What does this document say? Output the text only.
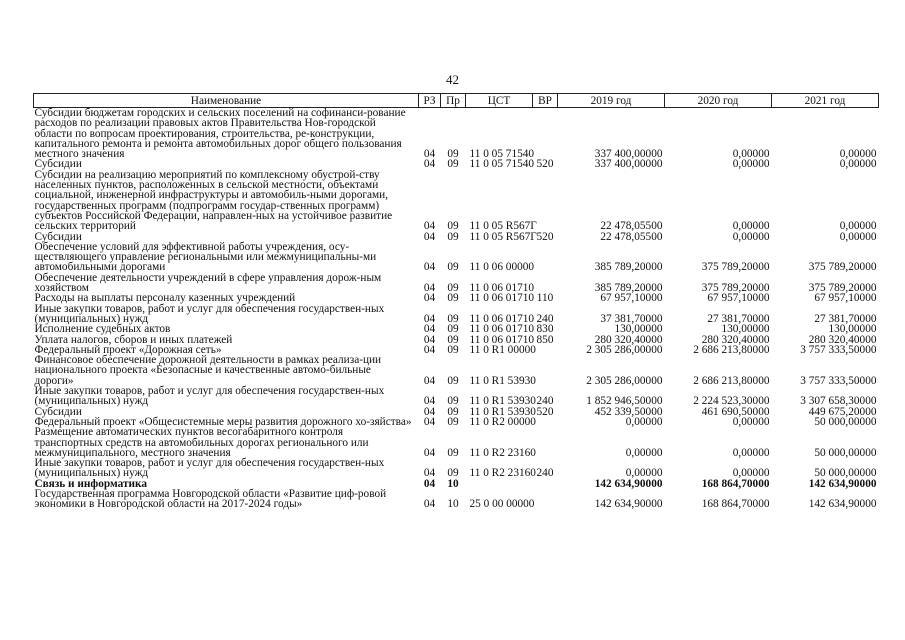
42
Наименование	РЗ	Пр	ЦСТ	ВР	2019 год	2020 год	2021 год
Субсидии бюджетам городских и сельских поселений на софинанси-рование расходов по реализации правовых актов Правительства Нов-городской области по вопросам проектирования, строительства, ре-конструкции, капитального ремонта и ремонта автомобильных дорог общего пользования местного значения	04	09	11 0 05 71540		337 400,00000	0,00000	0,00000
Субсидии	04	09	11 0 05 71540	520	337 400,00000	0,00000	0,00000
Субсидии на реализацию мероприятий по комплексному обустрой-ству населенных пунктов, расположенных в сельской местности, объектами социальной, инженерной инфраструктуры и автомобиль-ными дорогами, государственных программ (подпрограмм государ-ственных программ) субъектов Российской Федерации, направлен-ных на устойчивое развитие сельских территорий	04	09	11 0 05 R567Г		22 478,05500	0,00000	0,00000
Субсидии	04	09	11 0 05 R567Г	520	22 478,05500	0,00000	0,00000
Обеспечение условий для эффективной работы учреждения, осу-ществляющего управление региональными или межмуниципальны-ми автомобильными дорогами	04	09	11 0 06 00000		385 789,20000	375 789,20000	375 789,20000
Обеспечение деятельности учреждений в сфере управления дорож-ным хозяйством	04	09	11 0 06 01710		385 789,20000	375 789,20000	375 789,20000
Расходы на выплаты персоналу казенных учреждений	04	09	11 0 06 01710	110	67 957,10000	67 957,10000	67 957,10000
Иные закупки товаров, работ и услуг для обеспечения государствен-ных (муниципальных) нужд	04	09	11 0 06 01710	240	37 381,70000	27 381,70000	27 381,70000
Исполнение судебных актов	04	09	11 0 06 01710	830	130,00000	130,00000	130,00000
Уплата налогов, сборов и иных платежей	04	09	11 0 06 01710	850	280 320,40000	280 320,40000	280 320,40000
Федеральный проект «Дорожная сеть»	04	09	11 0 R1 00000		2 305 286,00000	2 686 213,80000	3 757 333,50000
Финансовое обеспечение дорожной деятельности в рамках реализа-ции национального проекта «Безопасные и качественные автомо-бильные дороги»	04	09	11 0 R1 53930		2 305 286,00000	2 686 213,80000	3 757 333,50000
Иные закупки товаров, работ и услуг для обеспечения государствен-ных (муниципальных) нужд	04	09	11 0 R1 53930	240	1 852 946,50000	2 224 523,30000	3 307 658,30000
Субсидии	04	09	11 0 R1 53930	520	452 339,50000	461 690,50000	449 675,20000
Федеральный проект «Общесистемные меры развития дорожного хо-зяйства»	04	09	11 0 R2 00000		0,00000	0,00000	50 000,00000
Размещение автоматических пунктов весогабаритного контроля транспортных средств на автомобильных дорогах регионального или межмуниципального, местного значения	04	09	11 0 R2 23160		0,00000	0,00000	50 000,00000
Иные закупки товаров, работ и услуг для обеспечения государствен-ных (муниципальных) нужд	04	09	11 0 R2 23160	240	0,00000	0,00000	50 000,00000
Связь и информатика	04	10			142 634,90000	168 864,70000	142 634,90000
Государственная программа Новгородской области «Развитие циф-ровой экономики в Новгородской области на 2017-2024 годы»	04	10	25 0 00 00000		142 634,90000	168 864,70000	142 634,90000
